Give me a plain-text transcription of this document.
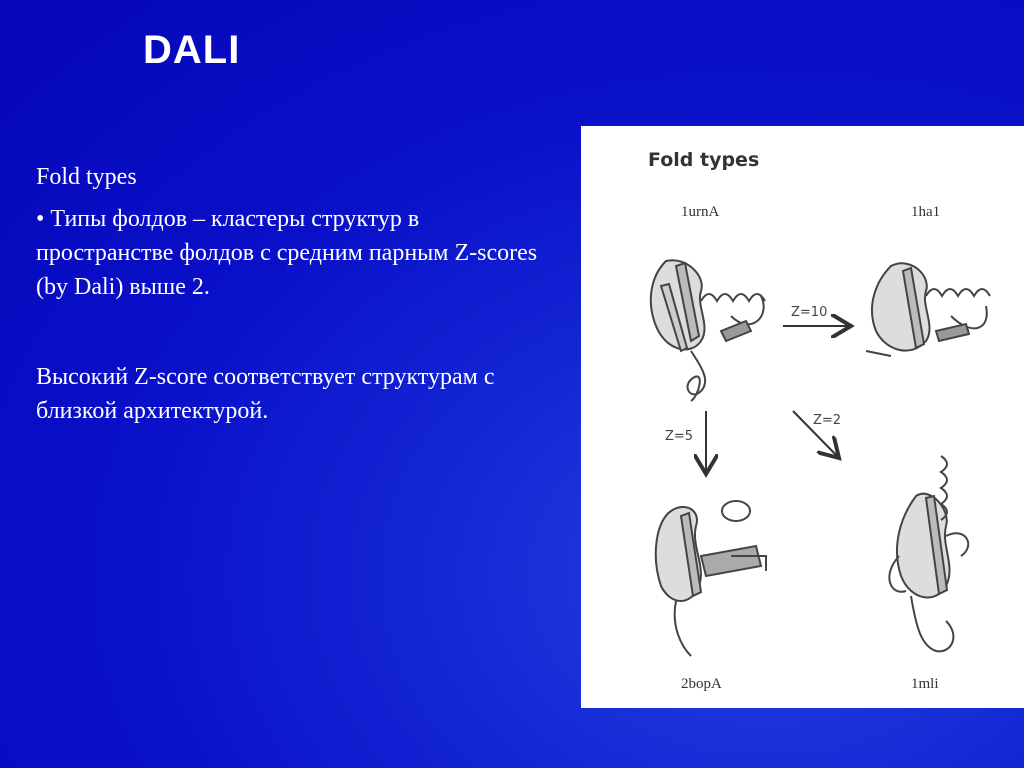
DALI

Fold types

• Типы фолдов – кластеры структур в пространстве фолдов с средним парным Z-scores (by Dali) выше 2.

Высокий Z-score соответствует структурам с близкой архитектурой.

Fold types
1urnA	1ha1
2bopA	1mli
Z=10
Z=5
Z=2
